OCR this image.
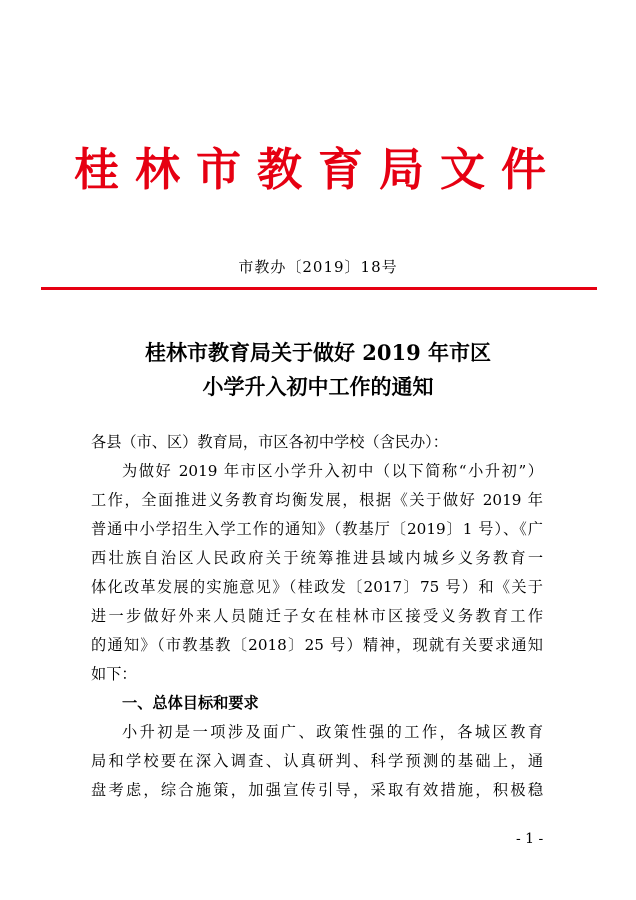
桂林市教育局文件
市教办〔2019〕18号
桂林市教育局关于做好 2019 年市区
小学升入初中工作的通知
各县（市、区）教育局，市区各初中学校（含民办）：
为做好 2019 年市区小学升入初中（以下简称“小升初”）
工作，全面推进义务教育均衡发展，根据《关于做好 2019 年
普通中小学招生入学工作的通知》（教基厅〔2019〕1 号）、《广
西壮族自治区人民政府关于统筹推进县域内城乡义务教育一
体化改革发展的实施意见》（桂政发〔2017〕75 号）和《关于
进一步做好外来人员随迁子女在桂林市区接受义务教育工作
的通知》（市教基教〔2018〕25 号）精神，现就有关要求通知
如下：
一、总体目标和要求
小升初是一项涉及面广、政策性强的工作，各城区教育
局和学校要在深入调查、认真研判、科学预测的基础上，通
盘考虑，综合施策，加强宣传引导，采取有效措施，积极稳
- 1 -
